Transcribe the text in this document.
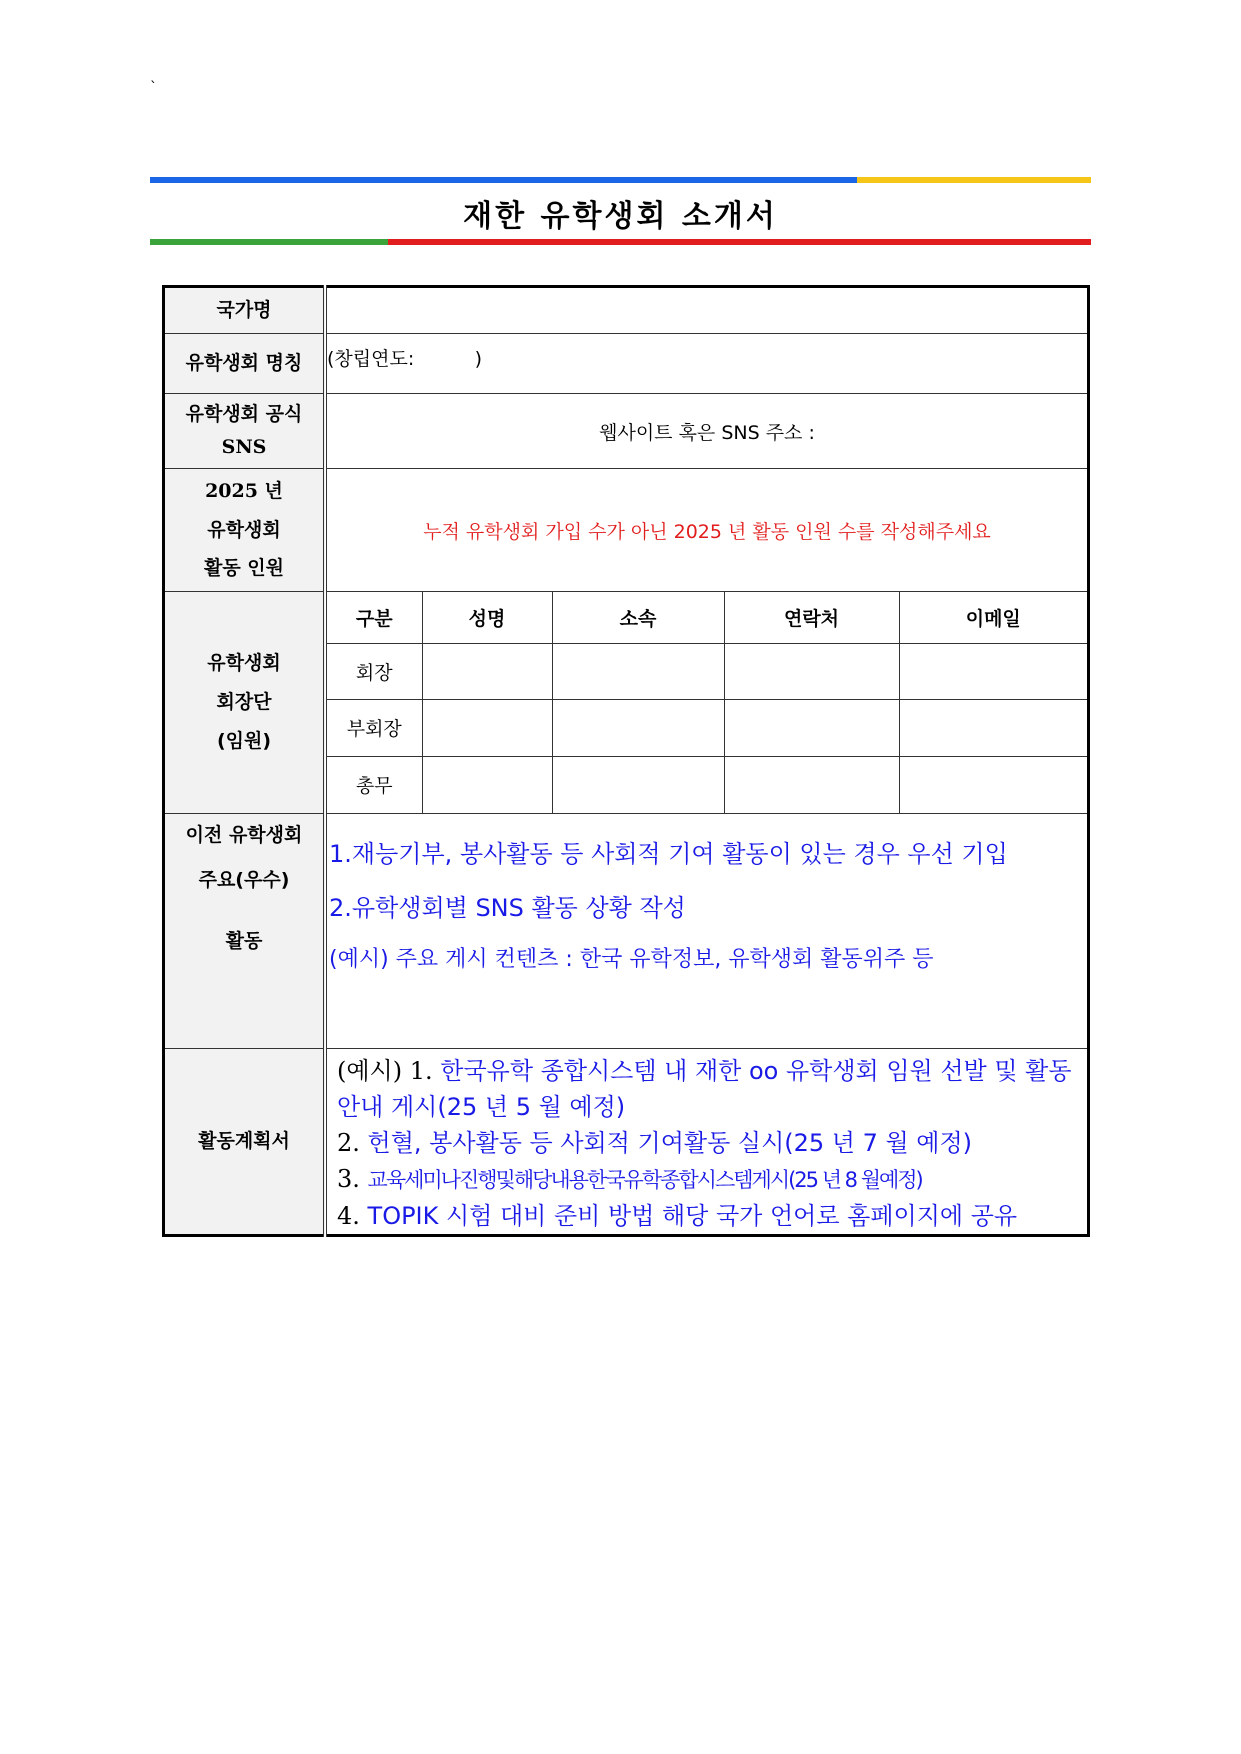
`
재한 유학생회 소개서
국가명	
유학생회 명칭	(창립연도:          )

유학생회 공식
SNS
	웹사이트 혹은 SNS 주소 :

2025 년
유학생회
활동 인원
	누적 유학생회 가입 수가 아닌 2025 년 활동 인원 수를 작성해주세요

유학생회
회장단
(임원)

구분	성명	소속	연락처	이메일
회장				
부회장				
총무				

이전 유학생회
주요(우수)
활동

1.재능기부, 봉사활동 등 사회적 기여 활동이 있는 경우 우선 기입

2.유학생회별 SNS 활동 상황 작성

(예시) 주요 게시 컨텐츠 : 한국 유학정보, 유학생회 활동위주 등

활동계획서	

(예시) 1. 한국유학 종합시스템 내 재한 oo 유학생회 임원 선발 및 활동

안내 게시(25 년 5 월 예정)

2. 헌혈, 봉사활동 등 사회적 기여활동 실시(25 년 7 월 예정)

3. 교육세미나진행및해당내용한국유학종합시스템게시(25 년 8 월예정)

4. TOPIK 시험 대비 준비 방법 해당 국가 언어로 홈페이지에 공유
